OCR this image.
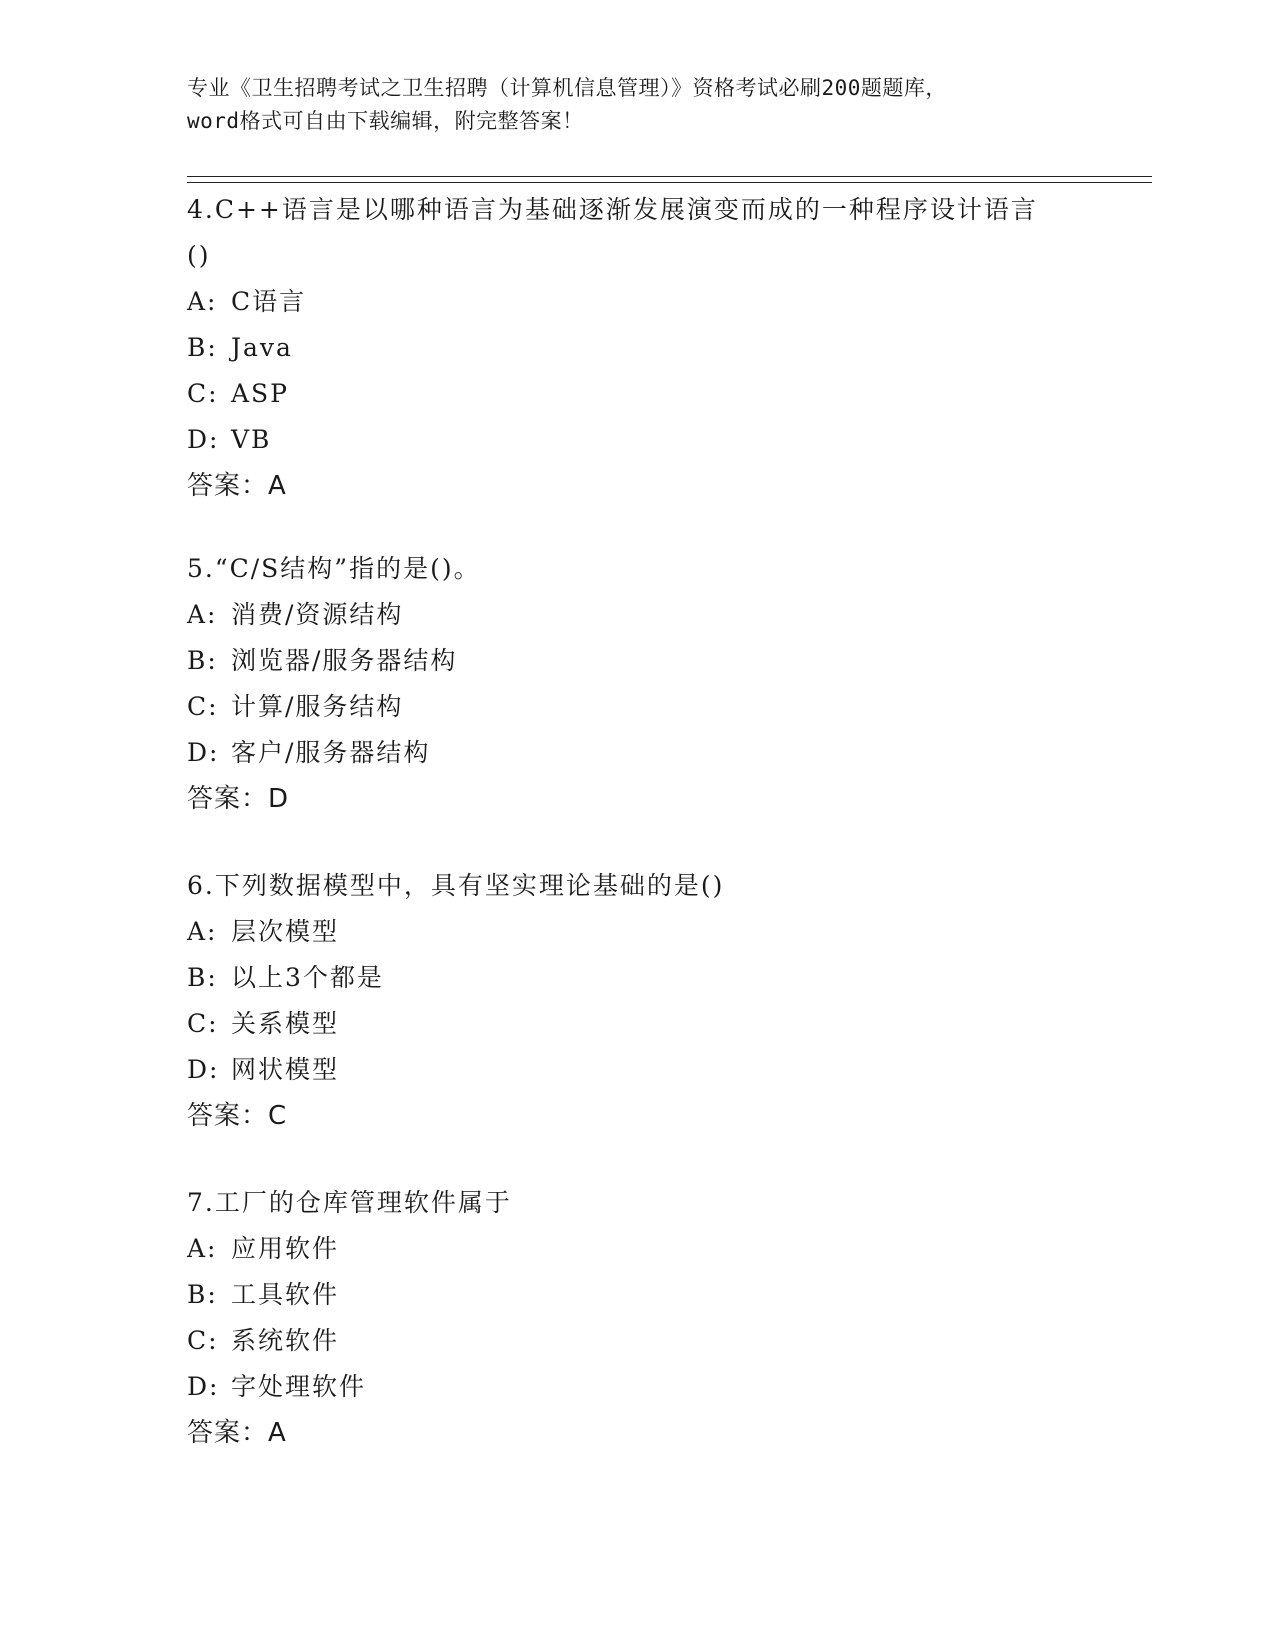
专业《卫生招聘考试之卫生招聘（计算机信息管理）》资格考试必刷200题题库，
word格式可自由下载编辑，附完整答案！
4.C++语言是以哪种语言为基础逐渐发展演变而成的一种程序设计语言
()
A: C语言
B: Java
C: ASP
D: VB
答案：A
5.“C/S结构”指的是()。
A: 消费/资源结构
B: 浏览器/服务器结构
C: 计算/服务结构
D: 客户/服务器结构
答案：D
6.下列数据模型中，具有坚实理论基础的是()
A: 层次模型
B: 以上3个都是
C: 关系模型
D: 网状模型
答案：C
7.工厂的仓库管理软件属于
A: 应用软件
B: 工具软件
C: 系统软件
D: 字处理软件
答案：A
